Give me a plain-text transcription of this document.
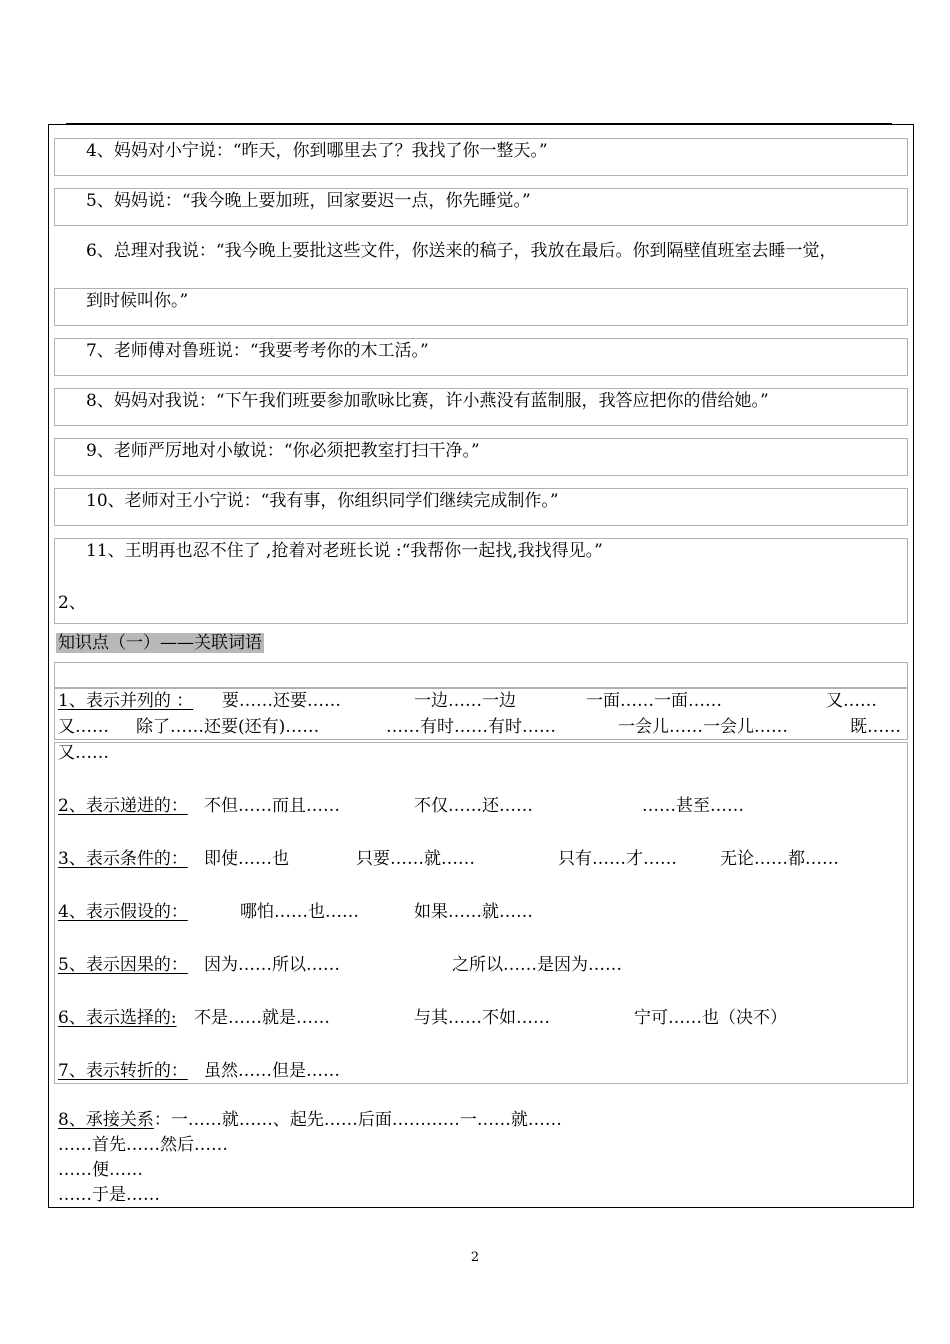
4、妈妈对小宁说：“昨天，你到哪里去了？我找了你一整天。”
5、妈妈说：“我今晚上要加班，回家要迟一点，你先睡觉。”
6、总理对我说：“我今晚上要批这些文件，你送来的稿子，我放在最后。你到隔壁值班室去睡一觉，
到时候叫你。”
7、老师傅对鲁班说：“我要考考你的木工活。”
8、妈妈对我说：“下午我们班要参加歌咏比赛，许小燕没有蓝制服，我答应把你的借给她。”
9、老师严厉地对小敏说：“你必须把教室打扫干净。”
10、老师对王小宁说：“我有事，你组织同学们继续完成制作。”
11、王明再也忍不住了 ,抢着对老班长说 :“我帮你一起找,我找得见。”
2、
知识点（一）——关联词语
1、表示并列的 ： 要……还要……	一边……一边	一面……一面……	又……
又…… 除了……还要(还有)……	……有时……有时……	一会儿……一会儿……	既……
又……
2、表示递进的： 不但……而且……	不仅……还……	……甚至……
3、表示条件的： 即使……也	只要……就……	只有……才……	无论……都……
4、表示假设的：	哪怕……也……	如果……就……
5、表示因果的： 因为……所以……	之所以……是因为……
6、表示选择的: 不是……就是……	与其……不如……	宁可……也（决不）
7、表示转折的： 虽然……但是……
8、承接关系：一……就……、起先……后面…………一……就……
……首先……然后……
……便……
……于是……
2
